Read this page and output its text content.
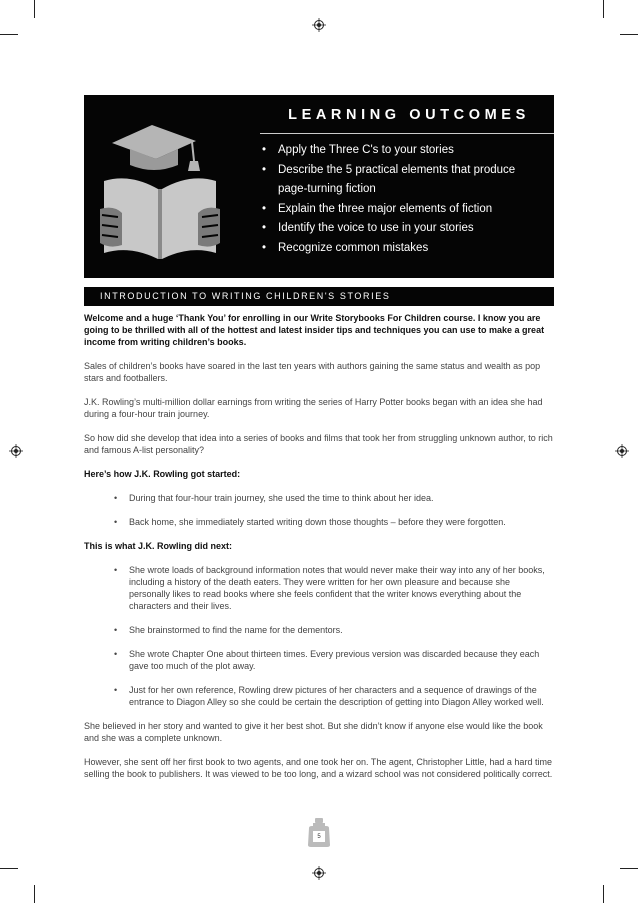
LEARNING OUTCOMES
• Apply the Three C's to your stories
• Describe the 5 practical elements that produce page-turning fiction
• Explain the three major elements of fiction
• Identify the voice to use in your stories
• Recognize common mistakes
INTRODUCTION TO WRITING CHILDREN'S STORIES

Welcome and a huge ‘Thank You’ for enrolling in our Write Storybooks For Children course. I know you are going to be thrilled with all of the hottest and latest insider tips and techniques you can use to make a great income from writing children’s books.

Sales of children’s books have soared in the last ten years with authors gaining the same status and wealth as pop stars and footballers.

J.K. Rowling’s multi-million dollar earnings from writing the series of Harry Potter books began with an idea she had during a four-hour train journey.

So how did she develop that idea into a series of books and films that took her from struggling unknown author, to rich and famous A-list personality?

Here’s how J.K. Rowling got started:

• During that four-hour train journey, she used the time to think about her idea.
• Back home, she immediately started writing down those thoughts – before they were forgotten.

This is what J.K. Rowling did next:

• She wrote loads of background information notes that would never make their way into any of her books, including a history of the death eaters. They were written for her own pleasure and because she personally likes to read books where she feels confident that the writer knows everything about the characters and their lives.
• She brainstormed to find the name for the dementors.
• She wrote Chapter One about thirteen times. Every previous version was discarded because they each gave too much of the plot away.
• Just for her own reference, Rowling drew pictures of her characters and a sequence of drawings of the entrance to Diagon Alley so she could be certain the description of getting into Diagon Alley worked well.

She believed in her story and wanted to give it her best shot. But she didn’t know if anyone else would like the book and she was a complete unknown.

However, she sent off her first book to two agents, and one took her on. The agent, Christopher Little, had a hard time selling the book to publishers. It was viewed to be too long, and a wizard school was not considered politically correct.

5
